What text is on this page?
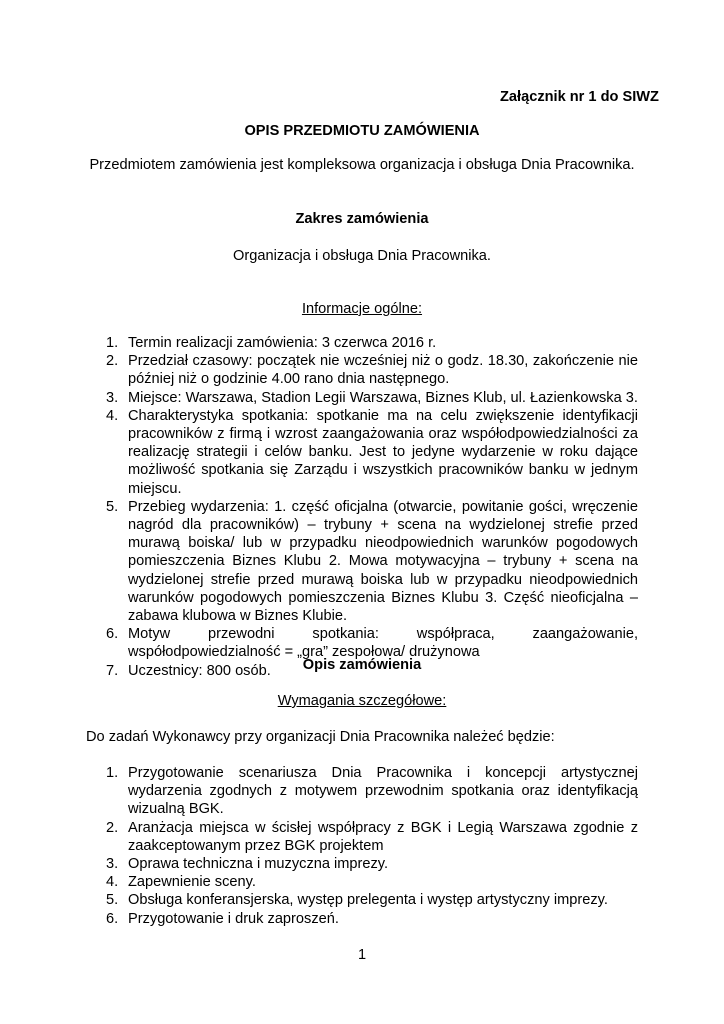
Załącznik nr 1 do SIWZ
OPIS PRZEDMIOTU ZAMÓWIENIA
Przedmiotem zamówienia jest kompleksowa organizacja i obsługa Dnia Pracownika.
Zakres zamówienia
Organizacja i obsługa Dnia Pracownika.
Informacje ogólne:
1. Termin realizacji zamówienia: 3 czerwca 2016 r.
2. Przedział czasowy: początek nie wcześniej niż o godz. 18.30, zakończenie nie później niż o godzinie 4.00 rano dnia następnego.
3. Miejsce: Warszawa, Stadion Legii Warszawa, Biznes Klub, ul. Łazienkowska 3.
4. Charakterystyka spotkania: spotkanie ma na celu zwiększenie identyfikacji pracowników z firmą i wzrost zaangażowania oraz współodpowiedzialności za realizację strategii i celów banku. Jest to jedyne wydarzenie w roku dające możliwość spotkania się Zarządu i wszystkich pracowników banku w jednym miejscu.
5. Przebieg wydarzenia: 1. część oficjalna (otwarcie, powitanie gości, wręczenie nagród dla pracowników) – trybuny + scena na wydzielonej strefie przed murawą boiska/ lub w przypadku nieodpowiednich warunków pogodowych pomieszczenia Biznes Klubu 2. Mowa motywacyjna – trybuny + scena na wydzielonej strefie przed murawą boiska lub w przypadku nieodpowiednich warunków pogodowych pomieszczenia Biznes Klubu 3. Część nieoficjalna – zabawa klubowa w Biznes Klubie.
6. Motyw przewodni spotkania: współpraca, zaangażowanie, współodpowiedzialność = „gra” zespołowa/ drużynowa
7. Uczestnicy: 800 osób.	Opis zamówienia
Wymagania szczegółowe:
Do zadań Wykonawcy przy organizacji Dnia Pracownika należeć będzie:
1. Przygotowanie scenariusza Dnia Pracownika i koncepcji artystycznej wydarzenia zgodnych z motywem przewodnim spotkania oraz identyfikacją wizualną BGK.
2. Aranżacja miejsca w ścisłej współpracy z BGK i Legią Warszawa zgodnie z zaakceptowanym przez BGK projektem
3. Oprawa techniczna i muzyczna imprezy.
4. Zapewnienie sceny.
5. Obsługa konferansjerska, występ prelegenta i występ artystyczny imprezy.
6. Przygotowanie i druk zaproszeń.
1
